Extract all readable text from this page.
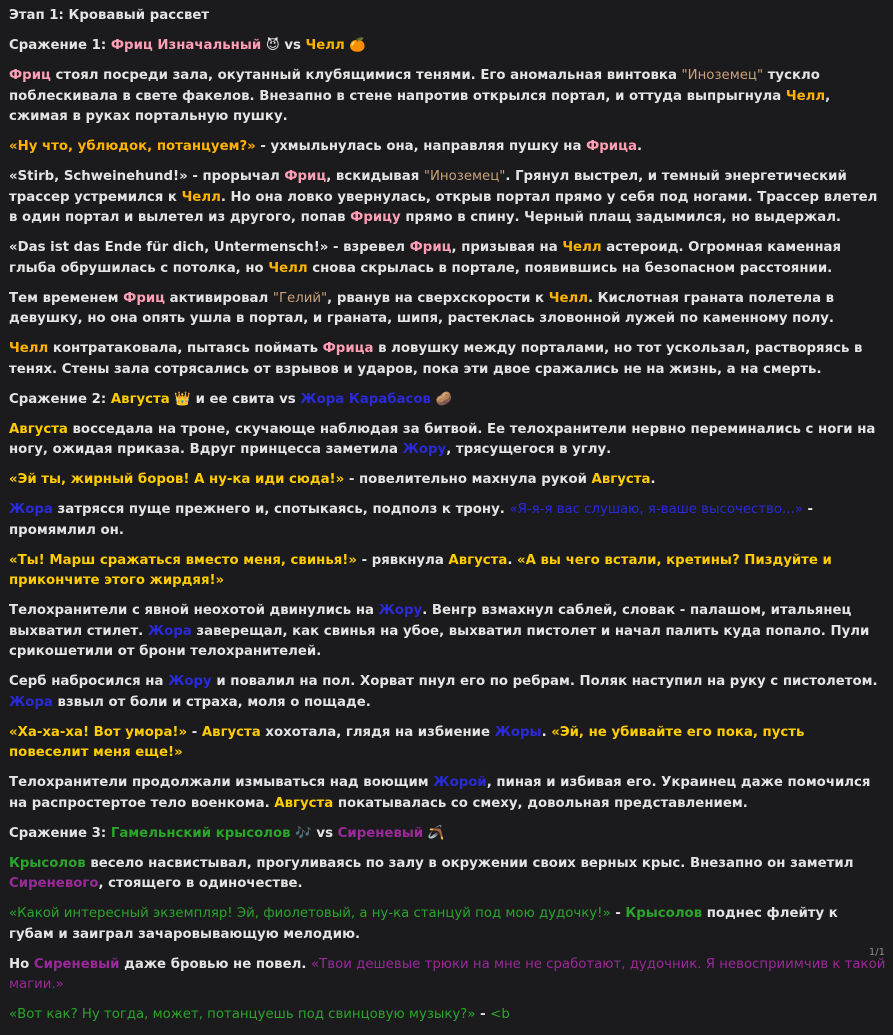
Этап 1: Кровавый рассвет
Сражение 1: Фриц Изначальный 😈 vs Челл 🍊
Фриц стоял посреди зала, окутанный клубящимися тенями. Его аномальная винтовка "Иноземец" тускло поблескивала в свете факелов. Внезапно в стене напротив открылся портал, и оттуда выпрыгнула Челл, сжимая в руках портальную пушку.
«Ну что, ублюдок, потанцуем?» - ухмыльнулась она, направляя пушку на Фрица.
«Stirb, Schweinehund!» - прорычал Фриц, вскидывая "Иноземец". Грянул выстрел, и темный энергетический трассер устремился к Челл. Но она ловко увернулась, открыв портал прямо у себя под ногами. Трассер влетел в один портал и вылетел из другого, попав Фрицу прямо в спину. Черный плащ задымился, но выдержал.
«Das ist das Ende für dich, Untermensch!» - взревел Фриц, призывая на Челл астероид. Огромная каменная глыба обрушилась с потолка, но Челл снова скрылась в портале, появившись на безопасном расстоянии.
Тем временем Фриц активировал "Гелий", рванув на сверхскорости к Челл. Кислотная граната полетела в девушку, но она опять ушла в портал, и граната, шипя, растеклась зловонной лужей по каменному полу.
Челл контратаковала, пытаясь поймать Фрица в ловушку между порталами, но тот ускользал, растворяясь в тенях. Стены зала сотрясались от взрывов и ударов, пока эти двое сражались не на жизнь, а на смерть.
Сражение 2: Августа 👑 и ее свита vs Жора Карабасов 🥔
Августа восседала на троне, скучающе наблюдая за битвой. Ее телохранители нервно переминались с ноги на ногу, ожидая приказа. Вдруг принцесса заметила Жору, трясущегося в углу.
«Эй ты, жирный боров! А ну-ка иди сюда!» - повелительно махнула рукой Августа.
Жора затрясся пуще прежнего и, спотыкаясь, подполз к трону. «Я-я-я вас слушаю, я-ваше высочество...» - промямлил он.
«Ты! Марш сражаться вместо меня, свинья!» - рявкнула Августа. «А вы чего встали, кретины? Пиздуйте и прикончите этого жирдяя!»
Телохранители с явной неохотой двинулись на Жору. Венгр взмахнул саблей, словак - палашом, итальянец выхватил стилет. Жора заверещал, как свинья на убое, выхватил пистолет и начал палить куда попало. Пули срикошетили от брони телохранителей.
Серб набросился на Жору и повалил на пол. Хорват пнул его по ребрам. Поляк наступил на руку с пистолетом. Жора взвыл от боли и страха, моля о пощаде.
«Ха-ха-ха! Вот умора!» - Августа хохотала, глядя на избиение Жоры. «Эй, не убивайте его пока, пусть повеселит меня еще!»
Телохранители продолжали измываться над воющим Жорой, пиная и избивая его. Украинец даже помочился на распростертое тело военкома. Августа покатывалась со смеху, довольная представлением.
Сражение 3: Гамельнский крысолов 🎶 vs Сиреневый 🪃
Крысолов весело насвистывал, прогуливаясь по залу в окружении своих верных крыс. Внезапно он заметил Сиреневого, стоящего в одиночестве.
«Какой интересный экземпляр! Эй, фиолетовый, а ну-ка станцуй под мою дудочку!» - Крысолов поднес флейту к губам и заиграл зачаровывающую мелодию.
Но Сиреневый даже бровью не повел. «Твои дешевые трюки на мне не сработают, дудочник. Я невосприимчив к такой магии.»
«Вот как? Ну тогда, может, потанцуешь под свинцовую музыку?» - <b
1/1
